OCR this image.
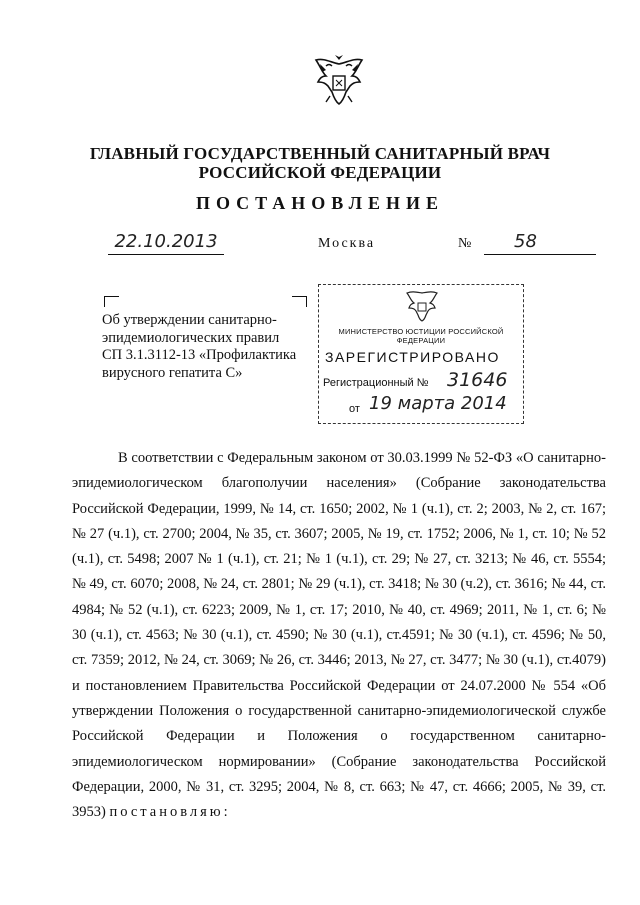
ГЛАВНЫЙ ГОСУДАРСТВЕННЫЙ САНИТАРНЫЙ ВРАЧ
РОССИЙСКОЙ ФЕДЕРАЦИИ
ПОСТАНОВЛЕНИЕ
22.10.2013	Москва	№	58
Об утверждении санитарно-
эпидемиологических правил
СП 3.1.3112-13 «Профилактика
вирусного гепатита С»
МИНИСТЕРСТВО ЮСТИЦИИ РОССИЙСКОЙ ФЕДЕРАЦИИ
ЗАРЕГИСТРИРОВАНО
Регистрационный № 31646
от 19 марта 2014
В соответствии с Федеральным законом от 30.03.1999 № 52-ФЗ «О санитарно-эпидемиологическом благополучии населения» (Собрание законодательства Российской Федерации, 1999, № 14, ст. 1650; 2002, № 1 (ч.1), ст. 2; 2003, № 2, ст. 167; № 27 (ч.1), ст. 2700; 2004, № 35, ст. 3607; 2005, № 19, ст. 1752; 2006, № 1, ст. 10; № 52 (ч.1), ст. 5498; 2007 № 1 (ч.1), ст. 21; № 1 (ч.1), ст. 29; № 27, ст. 3213; № 46, ст. 5554; № 49, ст. 6070; 2008, № 24, ст. 2801; № 29 (ч.1), ст. 3418; № 30 (ч.2), ст. 3616; № 44, ст. 4984; № 52 (ч.1), ст. 6223; 2009, № 1, ст. 17; 2010, № 40, ст. 4969; 2011, № 1, ст. 6; № 30 (ч.1), ст. 4563; № 30 (ч.1), ст. 4590; № 30 (ч.1), ст.4591; № 30 (ч.1), ст. 4596; № 50, ст. 7359; 2012, № 24, ст. 3069; № 26, ст. 3446; 2013, № 27, ст. 3477; № 30 (ч.1), ст.4079) и постановлением Правительства Российской Федерации от 24.07.2000 № 554 «Об утверждении Положения о государственной санитарно-эпидемиологической службе Российской Федерации и Положения о государственном санитарно-эпидемиологическом нормировании» (Собрание законодательства Российской Федерации, 2000, № 31, ст. 3295; 2004, № 8, ст. 663; № 47, ст. 4666; 2005, № 39, ст. 3953) постановляю:
